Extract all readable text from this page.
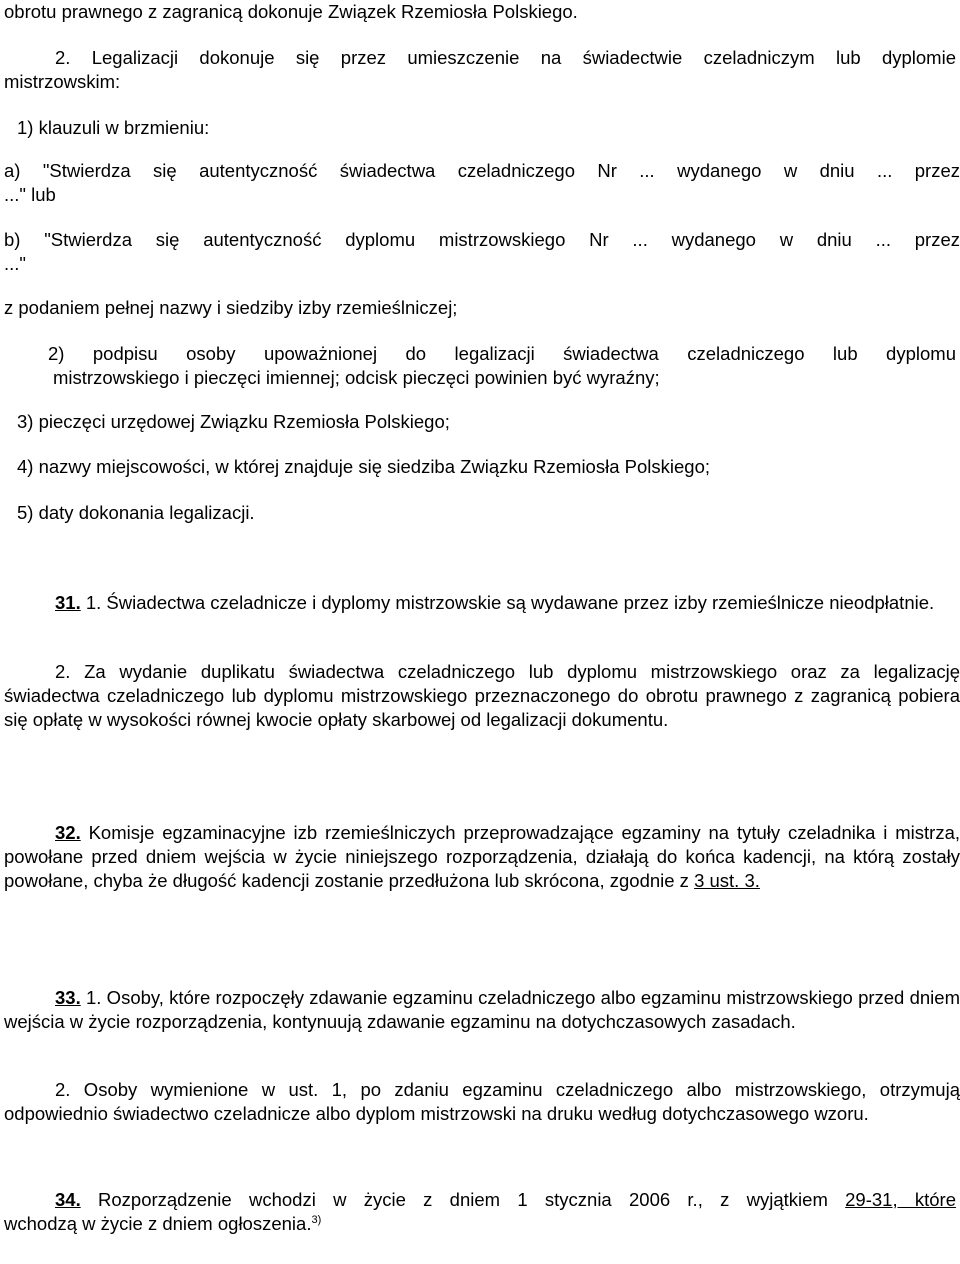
obrotu prawnego z zagranicą dokonuje Związek Rzemiosła Polskiego.
2. Legalizacji dokonuje się przez umieszczenie na świadectwie czeladniczym lub dyplomie
mistrzowskim:
1) klauzuli w brzmieniu:
a) "Stwierdza się autentyczność świadectwa czeladniczego Nr ... wydanego w dniu ... przez
..." lub
b) "Stwierdza się autentyczność dyplomu mistrzowskiego Nr ... wydanego w dniu ... przez
..."
z podaniem pełnej nazwy i siedziby izby rzemieślniczej;
2) podpisu osoby upoważnionej do legalizacji świadectwa czeladniczego lub dyplomu
mistrzowskiego i pieczęci imiennej; odcisk pieczęci powinien być wyraźny;
3) pieczęci urzędowej Związku Rzemiosła Polskiego;
4) nazwy miejscowości, w której znajduje się siedziba Związku Rzemiosła Polskiego;
5) daty dokonania legalizacji.
31. 1. Świadectwa czeladnicze i dyplomy mistrzowskie są wydawane przez izby rzemieślnicze nieodpłatnie.
2. Za wydanie duplikatu świadectwa czeladniczego lub dyplomu mistrzowskiego oraz za legalizację świadectwa czeladniczego lub dyplomu mistrzowskiego przeznaczonego do obrotu prawnego z zagranicą pobiera się opłatę w wysokości równej kwocie opłaty skarbowej od legalizacji dokumentu.
32. Komisje egzaminacyjne izb rzemieślniczych przeprowadzające egzaminy na tytuły czeladnika i mistrza, powołane przed dniem wejścia w życie niniejszego rozporządzenia, działają do końca kadencji, na którą zostały powołane, chyba że długość kadencji zostanie przedłużona lub skrócona, zgodnie z 3 ust. 3.
33. 1. Osoby, które rozpoczęły zdawanie egzaminu czeladniczego albo egzaminu mistrzowskiego przed dniem wejścia w życie rozporządzenia, kontynuują zdawanie egzaminu na dotychczasowych zasadach.
2. Osoby wymienione w ust. 1, po zdaniu egzaminu czeladniczego albo mistrzowskiego, otrzymują odpowiednio świadectwo czeladnicze albo dyplom mistrzowski na druku według dotychczasowego wzoru.
34. Rozporządzenie wchodzi w życie z dniem 1 stycznia 2006 r., z wyjątkiem 29-31, które
wchodzą w życie z dniem ogłoszenia.$^{3)}$
